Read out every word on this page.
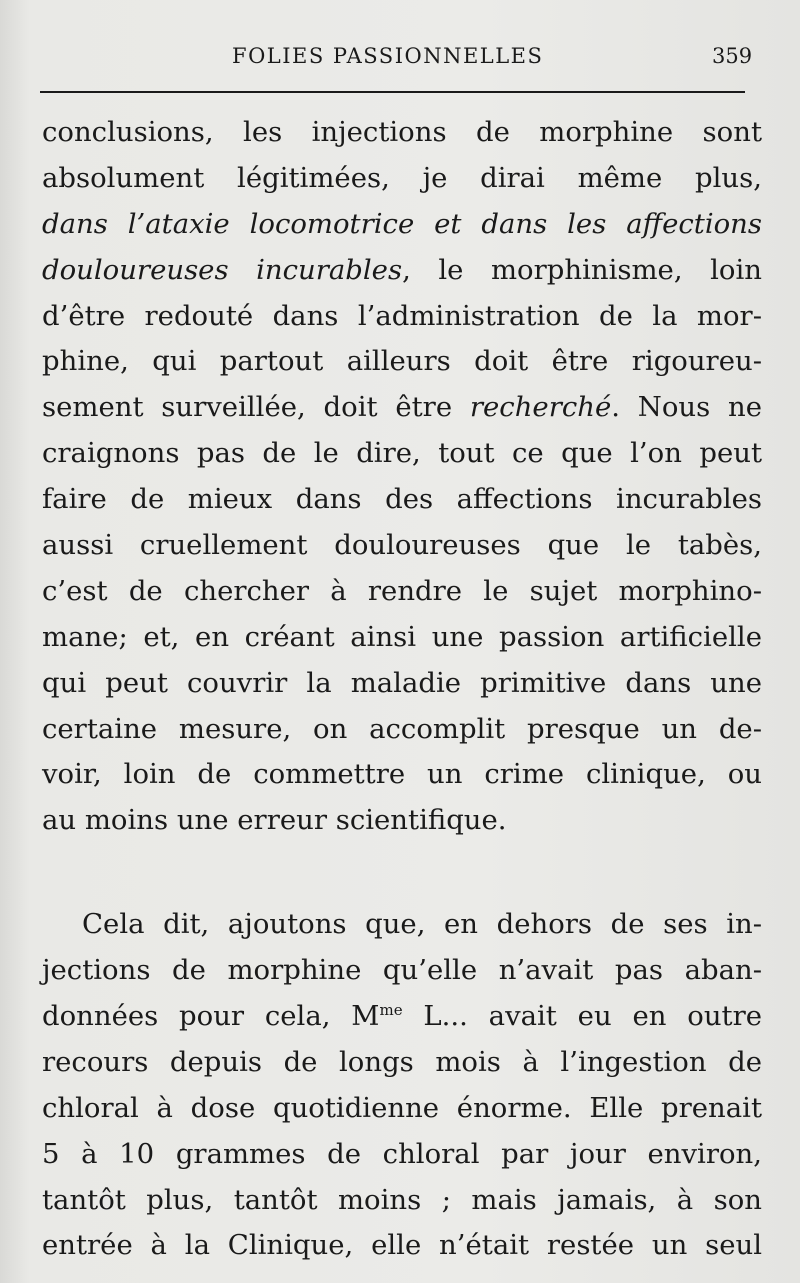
FOLIES PASSIONNELLES	359
conclusions, les injections de morphine sont
absolument légitimées, je dirai même plus,
dans l’ataxie locomotrice et dans les affections
douloureuses incurables, le morphinisme, loin
d’être redouté dans l’administration de la mor-
phine, qui partout ailleurs doit être rigoureu-
sement surveillée, doit être recherché. Nous ne
craignons pas de le dire, tout ce que l’on peut
faire de mieux dans des affections incurables
aussi cruellement douloureuses que le tabès,
c’est de chercher à rendre le sujet morphino-
mane; et, en créant ainsi une passion artificielle
qui peut couvrir la maladie primitive dans une
certaine mesure, on accomplit presque un de-
voir, loin de commettre un crime clinique, ou
au moins une erreur scientifique.
Cela dit, ajoutons que, en dehors de ses in-
jections de morphine qu’elle n’avait pas aban-
données pour cela, $M^{me}$ L... avait eu en outre
recours depuis de longs mois à l’ingestion de
chloral à dose quotidienne énorme. Elle prenait
5 à 10 grammes de chloral par jour environ,
tantôt plus, tantôt moins ; mais jamais, à son
entrée à la Clinique, elle n’était restée un seul
